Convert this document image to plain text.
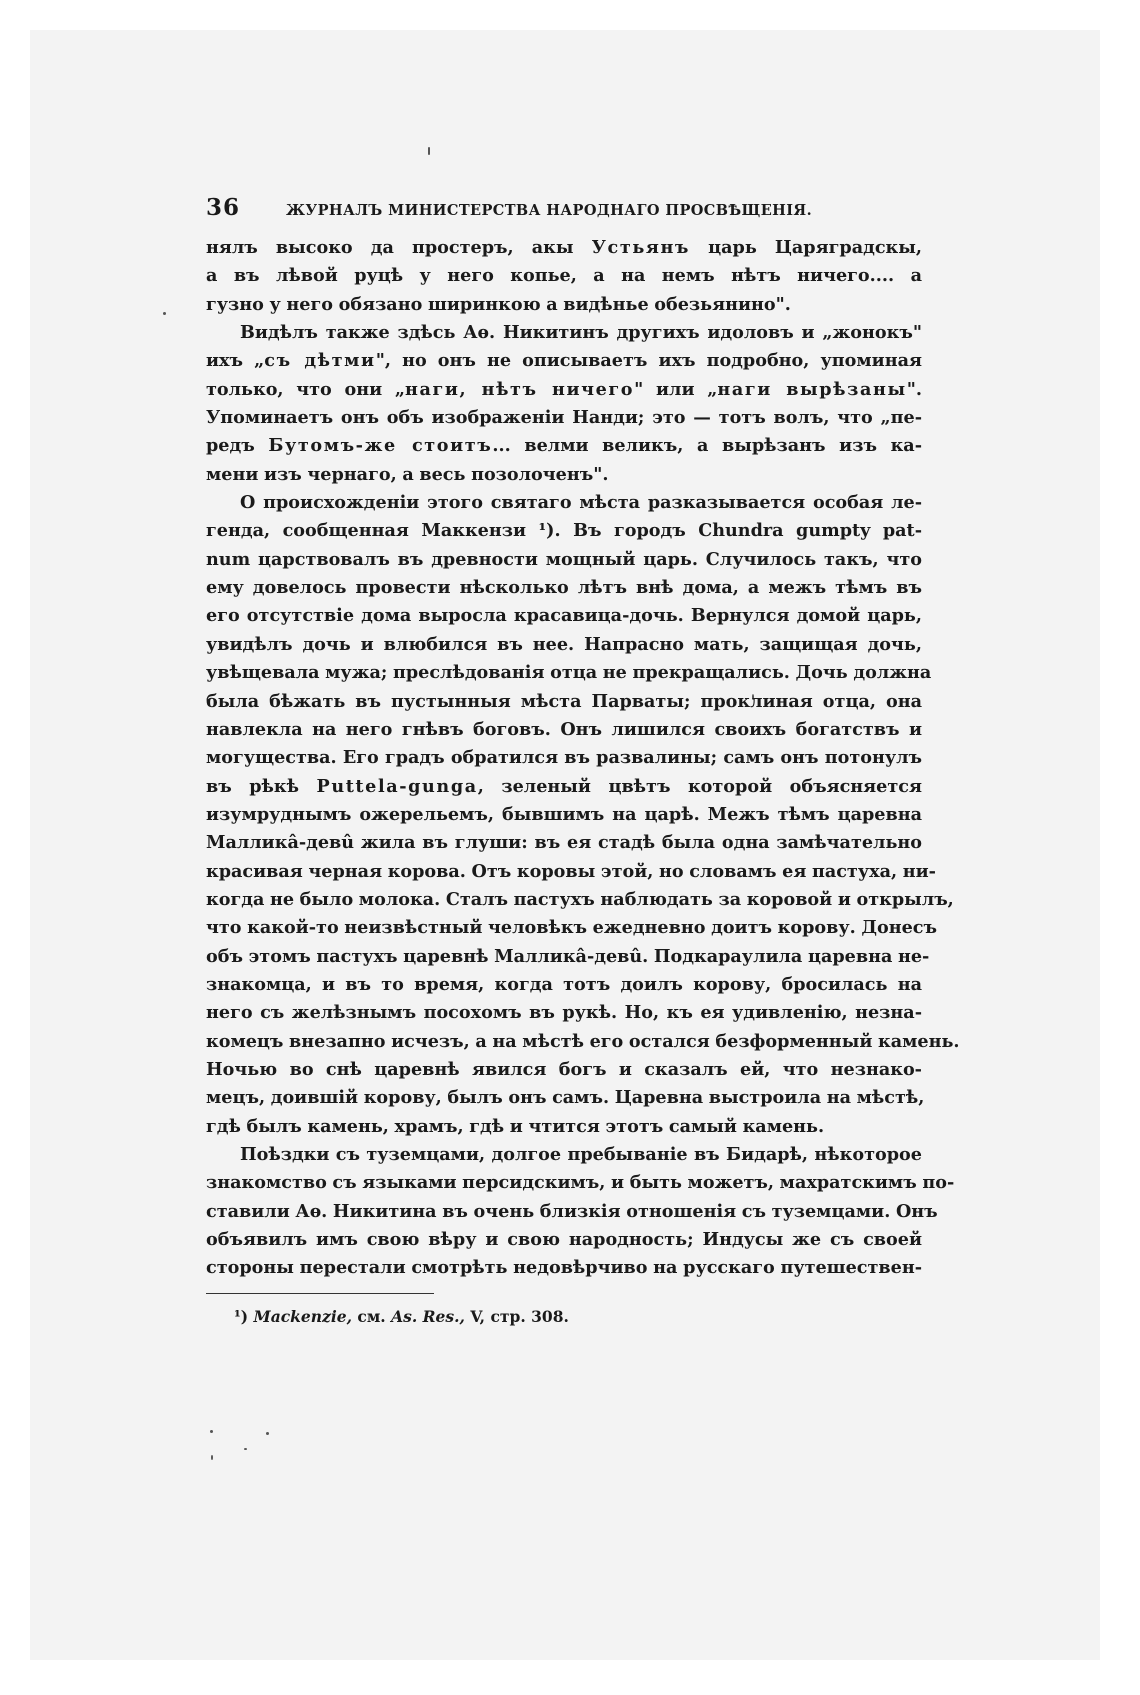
36	ЖУРНАЛЪ МИНИСТЕРСТВА НАРОДНАГО ПРОСВѢЩЕНІЯ.
нялъ высоко да простеръ, акы Устьянъ царь Царяградскы,
а въ лѣвой руцѣ у него копье, а на немъ нѣтъ ничего.... а
гузно у него обязано ширинкою а видѣнье обезьянино".
Видѣлъ также здѣсь Аѳ. Никитинъ другихъ идоловъ и „жонокъ"
ихъ „съ дѣтми", но онъ не описываетъ ихъ подробно, упоминая
только, что они „наги, нѣтъ ничего" или „наги вырѣзаны".
Упоминаетъ онъ объ изображеніи Нанди; это — тотъ волъ, что „пе-
редъ Бутомъ-же стоитъ... велми великъ, а вырѣзанъ изъ ка-
мени изъ чернаго, а весь позолоченъ".
О происхожденіи этого святаго мѣста разказывается особая ле-
генда, сообщенная Маккензи ¹). Въ городъ Chundra gumpty pat-
num царствовалъ въ древности мощный царь. Случилось такъ, что
ему довелось провести нѣсколько лѣтъ внѣ дома, а межъ тѣмъ въ
его отсутствіе дома выросла красавица-дочь. Вернулся домой царь,
увидѣлъ дочь и влюбился въ нее. Напрасно мать, защищая дочь,
увѣщевала мужа; преслѣдованія отца не прекращались. Дочь должна
была бѣжать въ пустынныя мѣста Парваты; проклиная отца, она
навлекла на него гнѣвъ боговъ. Онъ лишился своихъ богатствъ и
могущества. Его градъ обратился въ развалины; самъ онъ потонулъ
въ рѣкѣ Puttela-gunga, зеленый цвѣтъ которой объясняется
изумруднымъ ожерельемъ, бывшимъ на царѣ. Межъ тѣмъ царевна
Малликâ-девû жила въ глуши: въ ея стадѣ была одна замѣчательно
красивая черная корова. Отъ коровы этой, но словамъ ея пастуха, ни-
когда не было молока. Сталъ пастухъ наблюдать за коровой и открылъ,
что какой-то неизвѣстный человѣкъ ежедневно доитъ корову. Донесъ
объ этомъ пастухъ царевнѣ Малликâ-девû. Подкараулила царевна не-
знакомца, и въ то время, когда тотъ доилъ корову, бросилась на
него съ желѣзнымъ посохомъ въ рукѣ. Но, къ ея удивленію, незна-
комецъ внезапно исчезъ, а на мѣстѣ его остался безформенный камень.
Ночью во снѣ царевнѣ явился богъ и сказалъ ей, что незнако-
мецъ, доившій корову, былъ онъ самъ. Царевна выстроила на мѣстѣ,
гдѣ былъ камень, храмъ, гдѣ и чтится этотъ самый камень.
Поѣздки съ туземцами, долгое пребываніе въ Бидарѣ, нѣкоторое
знакомство съ языками персидскимъ, и быть можетъ, махратскимъ по-
ставили Аѳ. Никитина въ очень близкія отношенія съ туземцами. Онъ
объявилъ имъ свою вѣру и свою народность; Индусы же съ своей
стороны перестали смотрѣть недовѣрчиво на русскаго путешествен-
¹) Mackenzie, см. As. Res., V, стр. 308.
